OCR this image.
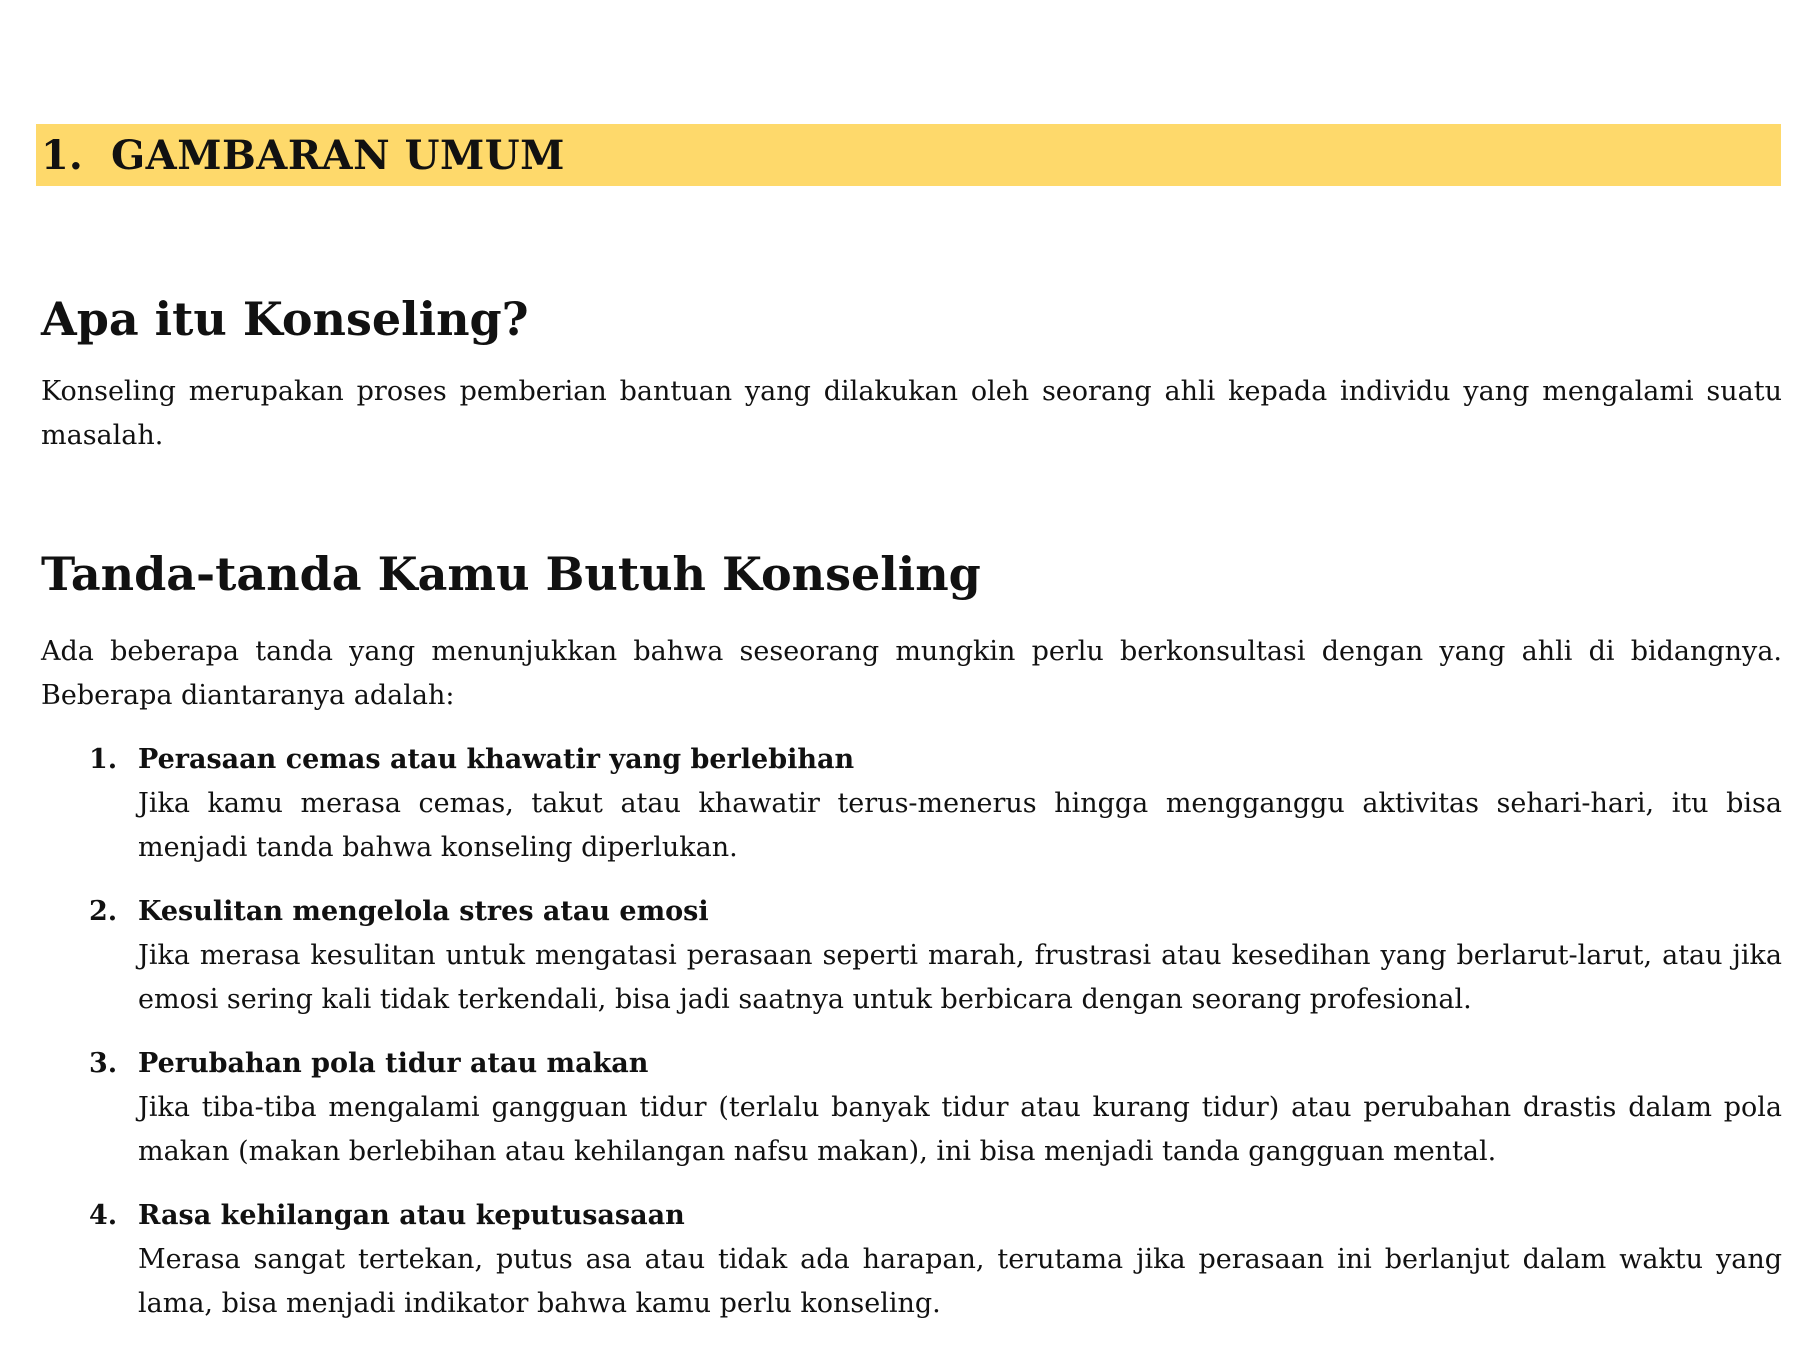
1. GAMBARAN UMUM
Apa itu Konseling?

Konseling merupakan proses pemberian bantuan yang dilakukan oleh seorang ahli kepada individu yang mengalami suatu masalah.

Tanda-tanda Kamu Butuh Konseling

Ada beberapa tanda yang menunjukkan bahwa seseorang mungkin perlu berkonsultasi dengan yang ahli di bidangnya. Beberapa diantaranya adalah:

1. Perasaan cemas atau khawatir yang berlebihan
Jika kamu merasa cemas, takut atau khawatir terus-menerus hingga mengganggu aktivitas sehari-hari, itu bisa menjadi tanda bahwa konseling diperlukan.
2. Kesulitan mengelola stres atau emosi
Jika merasa kesulitan untuk mengatasi perasaan seperti marah, frustrasi atau kesedihan yang berlarut-larut, atau jika emosi sering kali tidak terkendali, bisa jadi saatnya untuk berbicara dengan seorang profesional.
3. Perubahan pola tidur atau makan
Jika tiba-tiba mengalami gangguan tidur (terlalu banyak tidur atau kurang tidur) atau perubahan drastis dalam pola makan (makan berlebihan atau kehilangan nafsu makan), ini bisa menjadi tanda gangguan mental.
4. Rasa kehilangan atau keputusasaan
Merasa sangat tertekan, putus asa atau tidak ada harapan, terutama jika perasaan ini berlanjut dalam waktu yang lama, bisa menjadi indikator bahwa kamu perlu konseling.
